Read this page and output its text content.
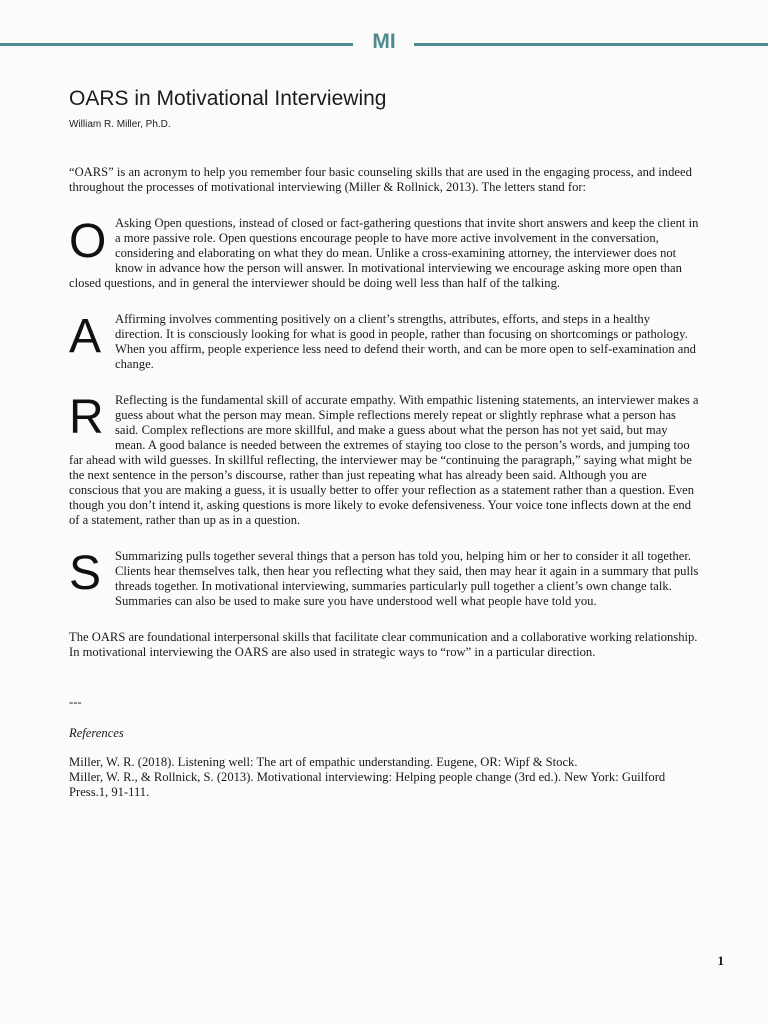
MI
OARS in Motivational Interviewing
William R. Miller, Ph.D.

“OARS” is an acronym to help you remember four basic counseling skills that are used in the engaging process, and indeed throughout the processes of motivational interviewing (Miller & Rollnick, 2013). The letters stand for:

O Asking Open questions, instead of closed or fact-gathering questions that invite short answers and keep the client in a more passive role. Open questions encourage people to have more active involvement in the conversation, considering and elaborating on what they do mean. Unlike a cross-examining attorney, the interviewer does not know in advance how the person will answer. In motivational interviewing we encourage asking more open than closed questions, and in general the interviewer should be doing well less than half of the talking.

A	Affirming involves commenting positively on a client’s strengths, attributes, efforts, and steps in a healthy direction. It is consciously looking for what is good in people, rather than focusing on shortcomings or pathology. When you affirm, people experience less need to defend their worth, and can be more open to self-examination and change.

R Reflecting is the fundamental skill of accurate empathy. With empathic listening statements, an interviewer makes a guess about what the person may mean. Simple reflections merely repeat or slightly rephrase what a person has said. Complex reflections are more skillful, and make a guess about what the person has not yet said, but may mean. A good balance is needed between the extremes of staying too close to the person’s words, and jumping too far ahead with wild guesses. In skillful reflecting, the interviewer may be “continuing the paragraph,” saying what might be the next sentence in the person’s discourse, rather than just repeating what has already been said. Although you are conscious that you are making a guess, it is usually better to offer your reflection as a statement rather than a question. Even though you don’t intend it, asking questions is more likely to evoke defensiveness. Your voice tone inflects down at the end of a statement, rather than up as in a question.

S	Summarizing pulls together several things that a person has told you, helping him or her to consider it all together. Clients hear themselves talk, then hear you reflecting what they said, then may hear it again in a summary that pulls threads together. In motivational interviewing, summaries particularly pull together a client’s own change talk. Summaries can also be used to make sure you have understood well what people have told you.

The OARS are foundational interpersonal skills that facilitate clear communication and a collaborative working relationship. In motivational interviewing the OARS are also used in strategic ways to “row” in a particular direction.

---

References

Miller, W. R. (2018). Listening well: The art of empathic understanding. Eugene, OR: Wipf & Stock.

Miller, W. R., & Rollnick, S. (2013). Motivational interviewing: Helping people change (3rd ed.). New York: Guilford Press.1, 91-111.

1
